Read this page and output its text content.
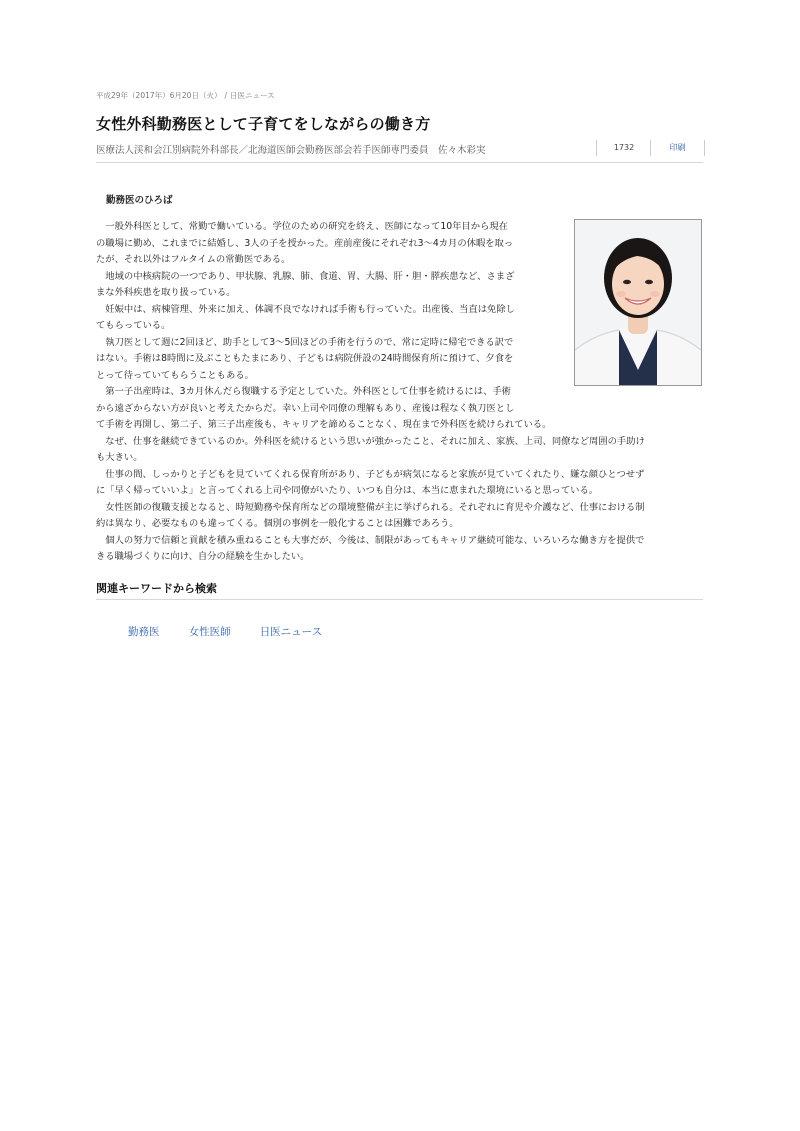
平成29年（2017年）6月20日（火） / 日医ニュース
女性外科勤務医として子育てをしながらの働き方
医療法人渓和会江別病院外科部長／北海道医師会勤務医部会若手医師専門委員　佐々木彩実	1732	印刷
勤務医のひろば
　一般外科医として、常勤で働いている。学位のための研究を終え、医師になって10年目から現在
の職場に勤め、これまでに結婚し、3人の子を授かった。産前産後にそれぞれ3～4カ月の休暇を取っ
たが、それ以外はフルタイムの常勤医である。
　地域の中核病院の一つであり、甲状腺、乳腺、肺、食道、胃、大腸、肝・胆・膵疾患など、さまざ
まな外科疾患を取り扱っている。
　妊娠中は、病棟管理、外来に加え、体調不良でなければ手術も行っていた。出産後、当直は免除し
てもらっている。
　執刀医として週に2回ほど、助手として3～5回ほどの手術を行うので、常に定時に帰宅できる訳で
はない。手術は8時間に及ぶこともたまにあり、子どもは病院併設の24時間保育所に預けて、夕食を
とって待っていてもらうこともある。
　第一子出産時は、3カ月休んだら復職する予定としていた。外科医として仕事を続けるには、手術
から遠ざからない方が良いと考えたからだ。幸い上司や同僚の理解もあり、産後は程なく執刀医とし
て手術を再開し、第二子、第三子出産後も、キャリアを諦めることなく、現在まで外科医を続けられている。
　なぜ、仕事を継続できているのか。外科医を続けるという思いが強かったこと、それに加え、家族、上司、同僚など周囲の手助け
も大きい。
　仕事の間、しっかりと子どもを見ていてくれる保育所があり、子どもが病気になると家族が見ていてくれたり、嫌な顔ひとつせず
に「早く帰っていいよ」と言ってくれる上司や同僚がいたり、いつも自分は、本当に恵まれた環境にいると思っている。
　女性医師の復職支援となると、時短勤務や保育所などの環境整備が主に挙げられる。それぞれに育児や介護など、仕事における制
約は異なり、必要なものも違ってくる。個別の事例を一般化することは困難であろう。
　個人の努力で信頼と貢献を積み重ねることも大事だが、今後は、制限があってもキャリア継続可能な、いろいろな働き方を提供で
きる職場づくりに向け、自分の経験を生かしたい。
関連キーワードから検索
勤務医	女性医師	日医ニュース
